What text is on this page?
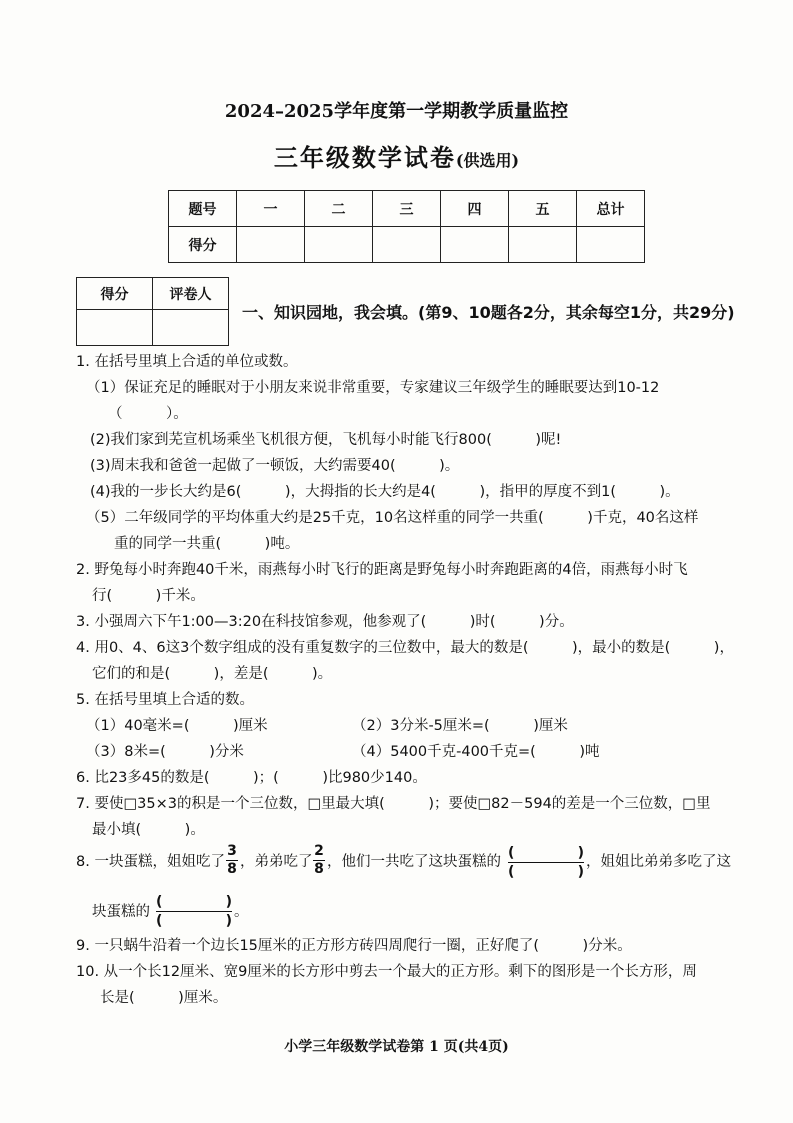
2024–2025学年度第一学期教学质量监控
三年级数学试卷(供选用)
题号	一	二	三	四	五	总计
得分						
得分	评卷人

一、知识园地，我会填。(第9、10题各2分，其余每空1分，共29分)
1. 在括号里填上合适的单位或数。
（1）保证充足的睡眠对于小朋友来说非常重要，专家建议三年级学生的睡眠要达到10-12
（　　　）。
(2)我们家到芜宣机场乘坐飞机很方便，飞机每小时能飞行800(　　　)呢!
(3)周末我和爸爸一起做了一顿饭，大约需要40(　　　)。
(4)我的一步长大约是6(　　　)，大拇指的长大约是4(　　　)，指甲的厚度不到1(　　　)。
（5）二年级同学的平均体重大约是25千克，10名这样重的同学一共重(　　　)千克，40名这样
重的同学一共重(　　　)吨。
2. 野兔每小时奔跑40千米，雨燕每小时飞行的距离是野兔每小时奔跑距离的4倍，雨燕每小时飞
行(　　　)千米。
3. 小强周六下午1:00—3:20在科技馆参观，他参观了(　　　)时(　　　)分。
4. 用0、4、6这3个数字组成的没有重复数字的三位数中，最大的数是(　　　)，最小的数是(　　　)，
它们的和是(　　　)，差是(　　　)。
5. 在括号里填上合适的数。
（1）40毫米=(　　　)厘米	（2）3分米-5厘米=(　　　)厘米
（3）8米=(　　　)分米	（4）5400千克-400千克=(　　　)吨
6. 比23多45的数是(　　　)；(　　　)比980少140。
7. 要使□35×3的积是一个三位数，□里最大填(　　　)；要使□82－594的差是一个三位数，□里
最小填(　　　)。
8. 一块蛋糕，姐姐吃了
3
8 ，弟弟吃了
2
8 ，他们一共吃了这块蛋糕的
(	)
(	)
，姐姐比弟弟多吃了这
块蛋糕的
(	)
(	)
。
9. 一只蜗牛沿着一个边长15厘米的正方形方砖四周爬行一圈，正好爬了(　　　)分米。
10. 从一个长12厘米、宽9厘米的长方形中剪去一个最大的正方形。剩下的图形是一个长方形，周
长是(　　　)厘米。
小学三年级数学试卷第 1 页(共4页)
